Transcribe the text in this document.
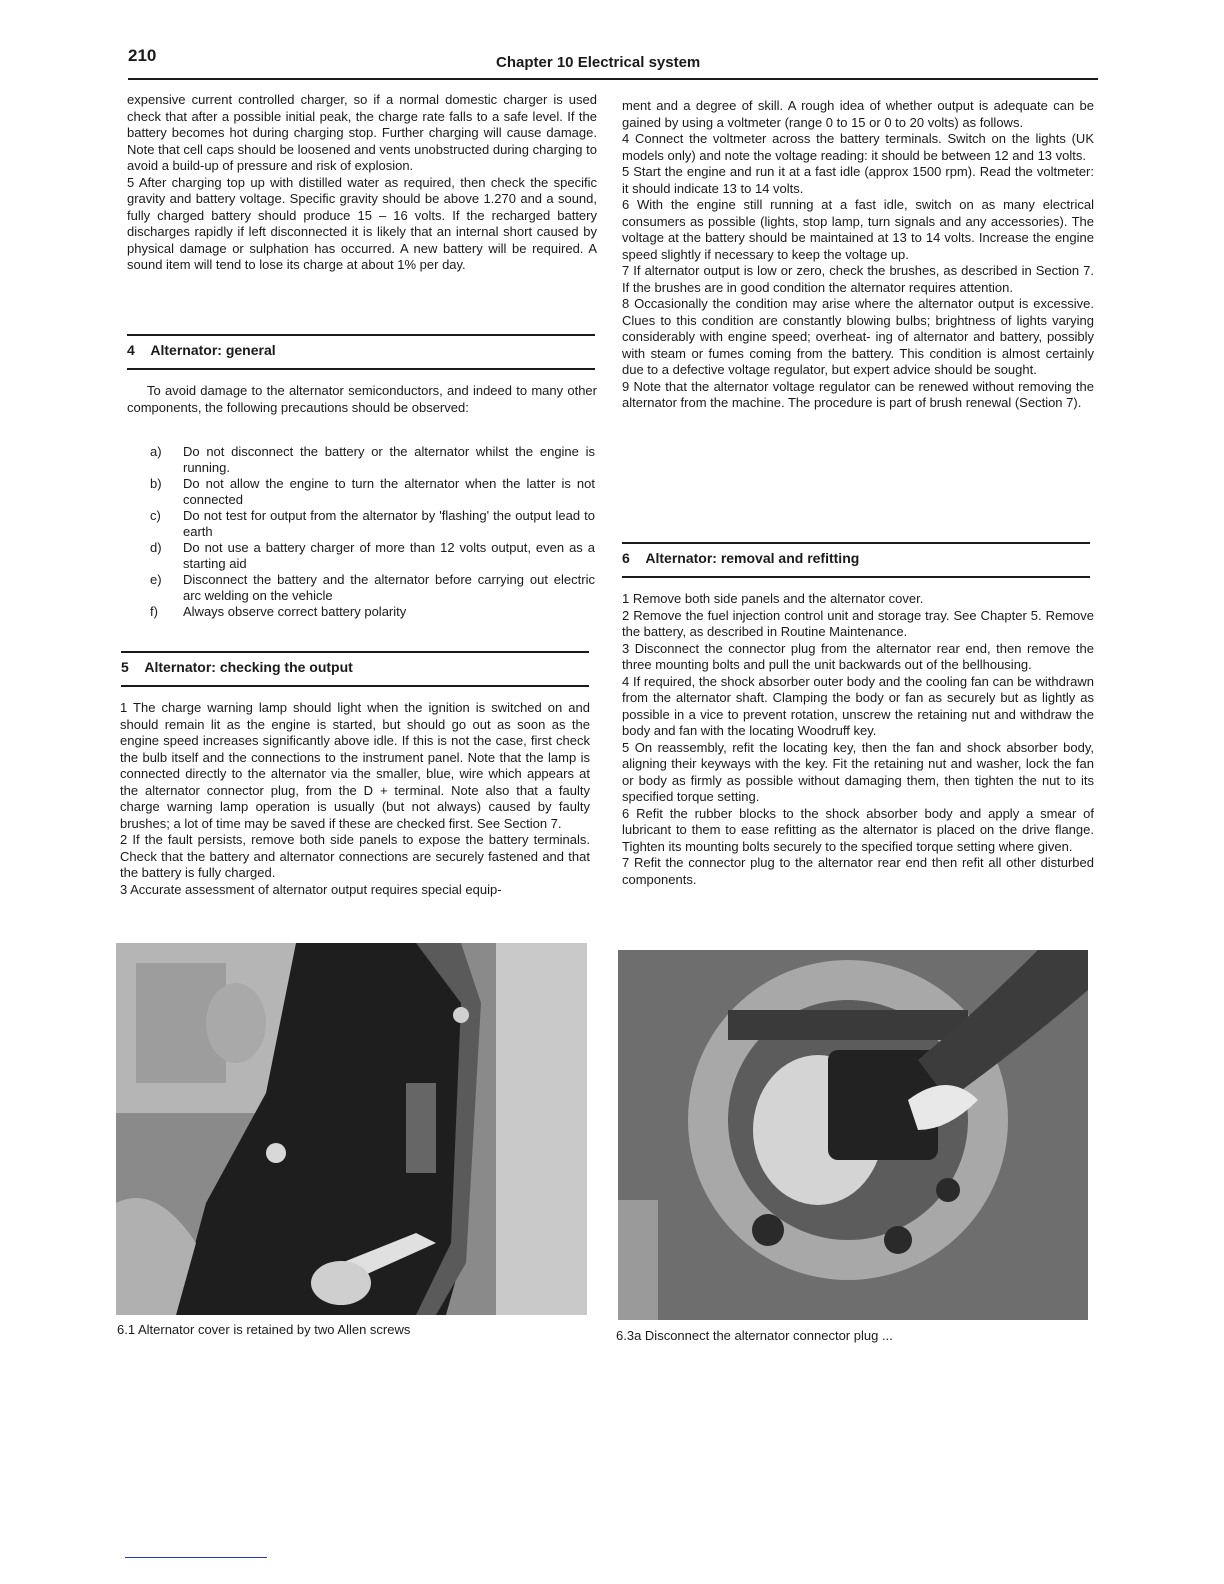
210	Chapter 10 Electrical system

expensive current controlled charger, so if a normal domestic charger is used check that after a possible initial peak, the charge rate falls to a safe level. If the battery becomes hot during charging stop. Further charging will cause damage. Note that cell caps should be loosened and vents unobstructed during charging to avoid a build-up of pressure and risk of explosion.

5 After charging top up with distilled water as required, then check the specific gravity and battery voltage. Specific gravity should be above 1.270 and a sound, fully charged battery should produce 15 – 16 volts. If the recharged battery discharges rapidly if left disconnected it is likely that an internal short caused by physical damage or sulphation has occurred. A new battery will be required. A sound item will tend to lose its charge at about 1% per day.

4 Alternator: general

To avoid damage to the alternator semiconductors, and indeed to many other components, the following precautions should be observed:

a)	Do not disconnect the battery or the alternator whilst the engine is running.
b)	Do not allow the engine to turn the alternator when the latter is not connected
c)	Do not test for output from the alternator by 'flashing' the output lead to earth
d)	Do not use a battery charger of more than 12 volts output, even as a starting aid
e)	Disconnect the battery and the alternator before carrying out electric arc welding on the vehicle
f)	Always observe correct battery polarity
5 Alternator: checking the output

1 The charge warning lamp should light when the ignition is switched on and should remain lit as the engine is started, but should go out as soon as the engine speed increases significantly above idle. If this is not the case, first check the bulb itself and the connections to the instrument panel. Note that the lamp is connected directly to the alternator via the smaller, blue, wire which appears at the alternator connector plug, from the D + terminal. Note also that a faulty charge warning lamp operation is usually (but not always) caused by faulty brushes; a lot of time may be saved if these are checked first. See Section 7.

2 If the fault persists, remove both side panels to expose the battery terminals. Check that the battery and alternator connections are securely fastened and that the battery is fully charged.

3 Accurate assessment of alternator output requires special equip-

ment and a degree of skill. A rough idea of whether output is adequate can be gained by using a voltmeter (range 0 to 15 or 0 to 20 volts) as follows.

4 Connect the voltmeter across the battery terminals. Switch on the lights (UK models only) and note the voltage reading: it should be between 12 and 13 volts.

5 Start the engine and run it at a fast idle (approx 1500 rpm). Read the voltmeter: it should indicate 13 to 14 volts.

6 With the engine still running at a fast idle, switch on as many electrical consumers as possible (lights, stop lamp, turn signals and any accessories). The voltage at the battery should be maintained at 13 to 14 volts. Increase the engine speed slightly if necessary to keep the voltage up.

7 If alternator output is low or zero, check the brushes, as described in Section 7. If the brushes are in good condition the alternator requires attention.

8 Occasionally the condition may arise where the alternator output is excessive. Clues to this condition are constantly blowing bulbs; brightness of lights varying considerably with engine speed; overheat- ing of alternator and battery, possibly with steam or fumes coming from the battery. This condition is almost certainly due to a defective voltage regulator, but expert advice should be sought.

9 Note that the alternator voltage regulator can be renewed without removing the alternator from the machine. The procedure is part of brush renewal (Section 7).

6 Alternator: removal and refitting

1 Remove both side panels and the alternator cover.

2 Remove the fuel injection control unit and storage tray. See Chapter 5. Remove the battery, as described in Routine Maintenance.

3 Disconnect the connector plug from the alternator rear end, then remove the three mounting bolts and pull the unit backwards out of the bellhousing.

4 If required, the shock absorber outer body and the cooling fan can be withdrawn from the alternator shaft. Clamping the body or fan as securely but as lightly as possible in a vice to prevent rotation, unscrew the retaining nut and withdraw the body and fan with the locating Woodruff key.

5 On reassembly, refit the locating key, then the fan and shock absorber body, aligning their keyways with the key. Fit the retaining nut and washer, lock the fan or body as firmly as possible without damaging them, then tighten the nut to its specified torque setting.

6 Refit the rubber blocks to the shock absorber body and apply a smear of lubricant to them to ease refitting as the alternator is placed on the drive flange. Tighten its mounting bolts securely to the specified torque setting where given.

7 Refit the connector plug to the alternator rear end then refit all other disturbed components.

6.1 Alternator cover is retained by two Allen screws	6.3a Disconnect the alternator connector plug ...
